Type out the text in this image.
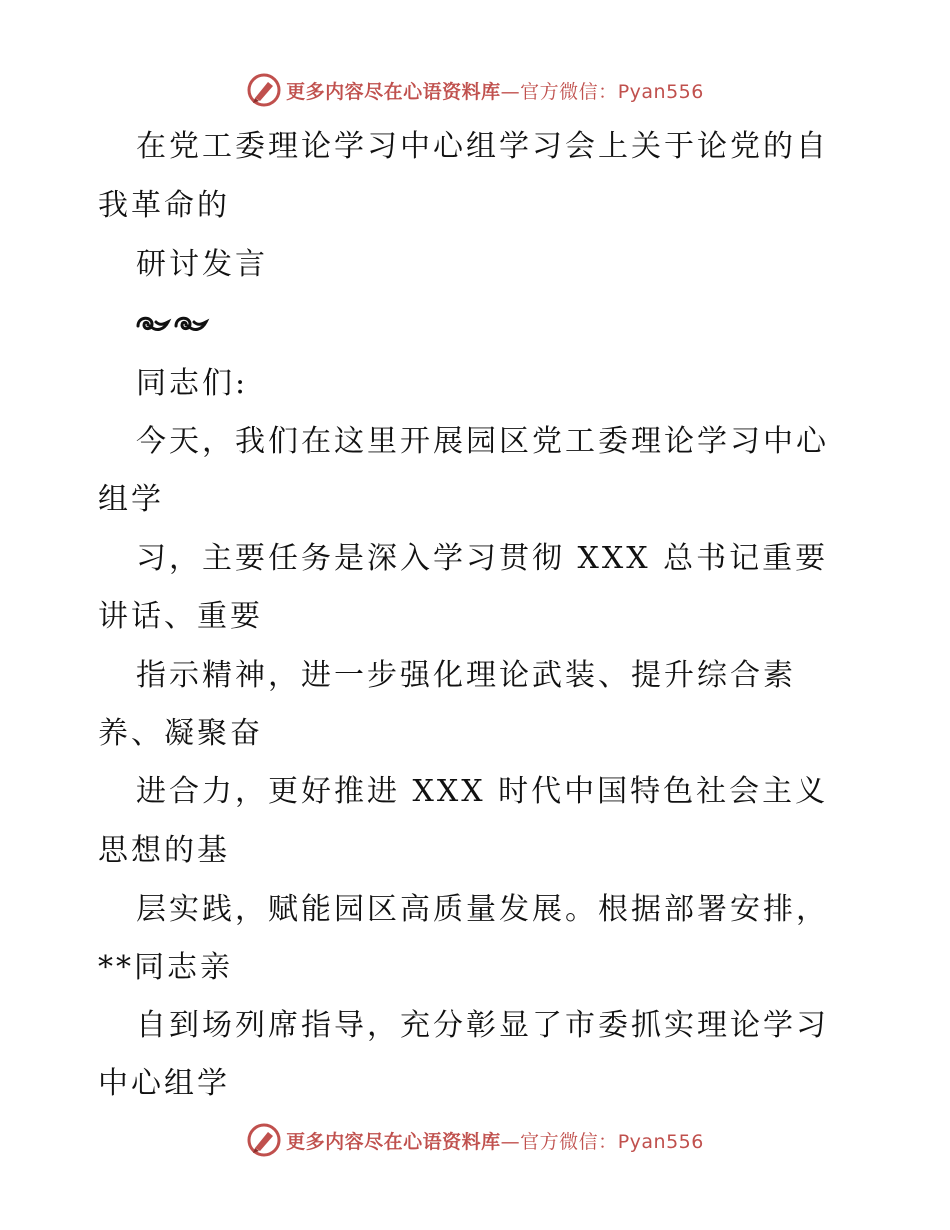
更多内容尽在心语资料库—官方微信：Pyan556
在党工委理论学习中心组学习会上关于论党的自
我革命的
研讨发言
同志们:
今天，我们在这里开展园区党工委理论学习中心
组学
习，主要任务是深入学习贯彻 XXX 总书记重要
讲话、重要
指示精神，进一步强化理论武装、提升综合素
养、凝聚奋
进合力，更好推进 XXX 时代中国特色社会主义
思想的基
层实践，赋能园区高质量发展。根据部署安排，
**同志亲
自到场列席指导，充分彰显了市委抓实理论学习
中心组学
更多内容尽在心语资料库—官方微信：Pyan556
